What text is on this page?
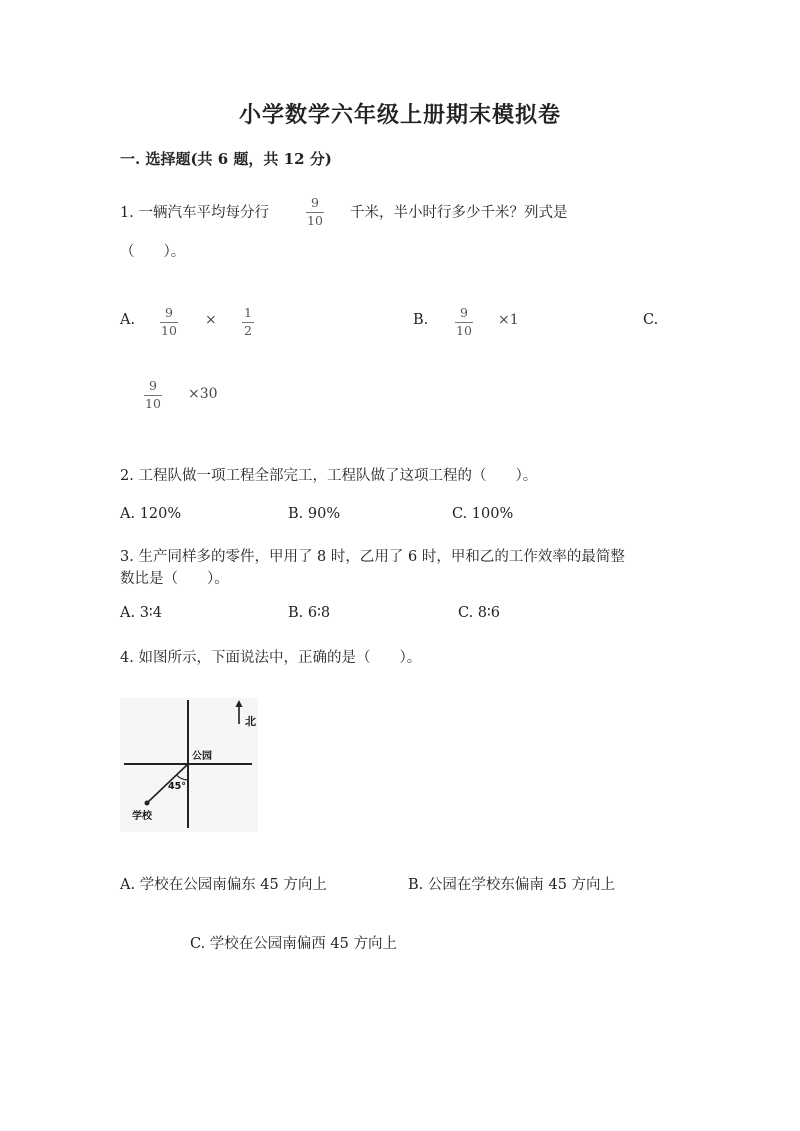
小学数学六年级上册期末模拟卷
一. 选择题(共 6 题，共 12 分)
1. 一辆汽车平均每分行
9
10 千米，半小时行多少千米？列式是
（　　）。
A.	9
10
× 1
2
B.	9
10
×1	C.
9
10
×30
2. 工程队做一项工程全部完工，工程队做了这项工程的（　　）。
A. 120%	B. 90%	C. 100%
3. 生产同样多的零件，甲用了 8 时，乙用了 6 时，甲和乙的工作效率的最简整
数比是（　　）。
A. 3∶4	B. 6∶8	C. 8∶6
4. 如图所示，下面说法中，正确的是（　　）。
北
公园
45°
学校
A. 学校在公园南偏东 45 方向上	B. 公园在学校东偏南 45 方向上
C. 学校在公园南偏西 45 方向上
